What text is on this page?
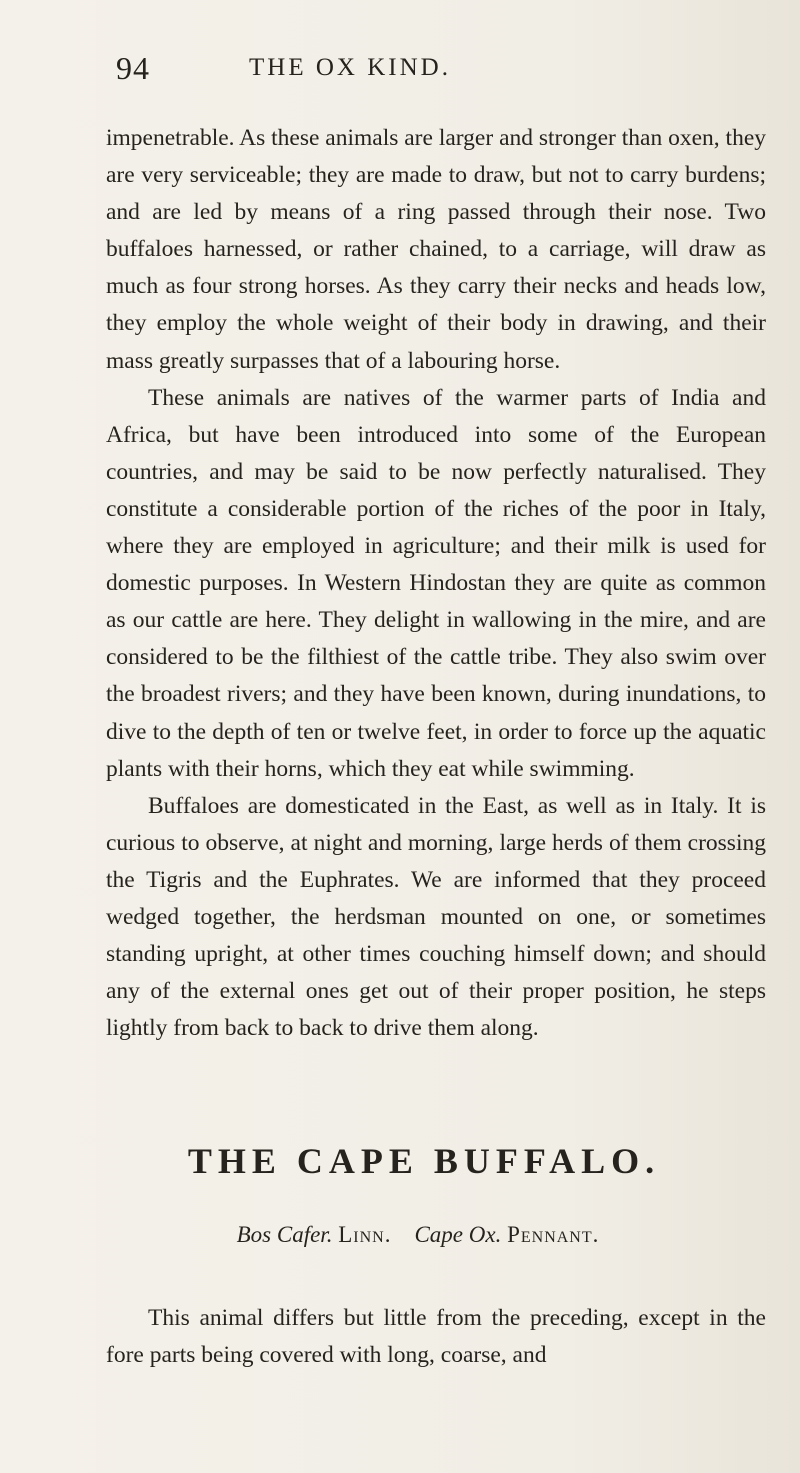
94	THE OX KIND.

impenetrable. As these animals are larger and stronger than oxen, they are very serviceable; they are made to draw, but not to carry burdens; and are led by means of a ring passed through their nose. Two buffaloes harnessed, or rather chained, to a carriage, will draw as much as four strong horses. As they carry their necks and heads low, they employ the whole weight of their body in drawing, and their mass greatly surpasses that of a labouring horse.

These animals are natives of the warmer parts of India and Africa, but have been introduced into some of the European countries, and may be said to be now perfectly naturalised. They constitute a considerable portion of the riches of the poor in Italy, where they are employed in agriculture; and their milk is used for domestic purposes. In Western Hindostan they are quite as common as our cattle are here. They delight in wallowing in the mire, and are considered to be the filthiest of the cattle tribe. They also swim over the broadest rivers; and they have been known, during inundations, to dive to the depth of ten or twelve feet, in order to force up the aquatic plants with their horns, which they eat while swimming.

Buffaloes are domesticated in the East, as well as in Italy. It is curious to observe, at night and morning, large herds of them crossing the Tigris and the Euphrates. We are informed that they proceed wedged together, the herdsman mounted on one, or sometimes standing upright, at other times couching himself down; and should any of the external ones get out of their proper position, he steps lightly from back to back to drive them along.

THE CAPE BUFFALO.
Bos Cafer. Linn. Cape Ox. Pennant.

This animal differs but little from the preceding, except in the fore parts being covered with long, coarse, and
